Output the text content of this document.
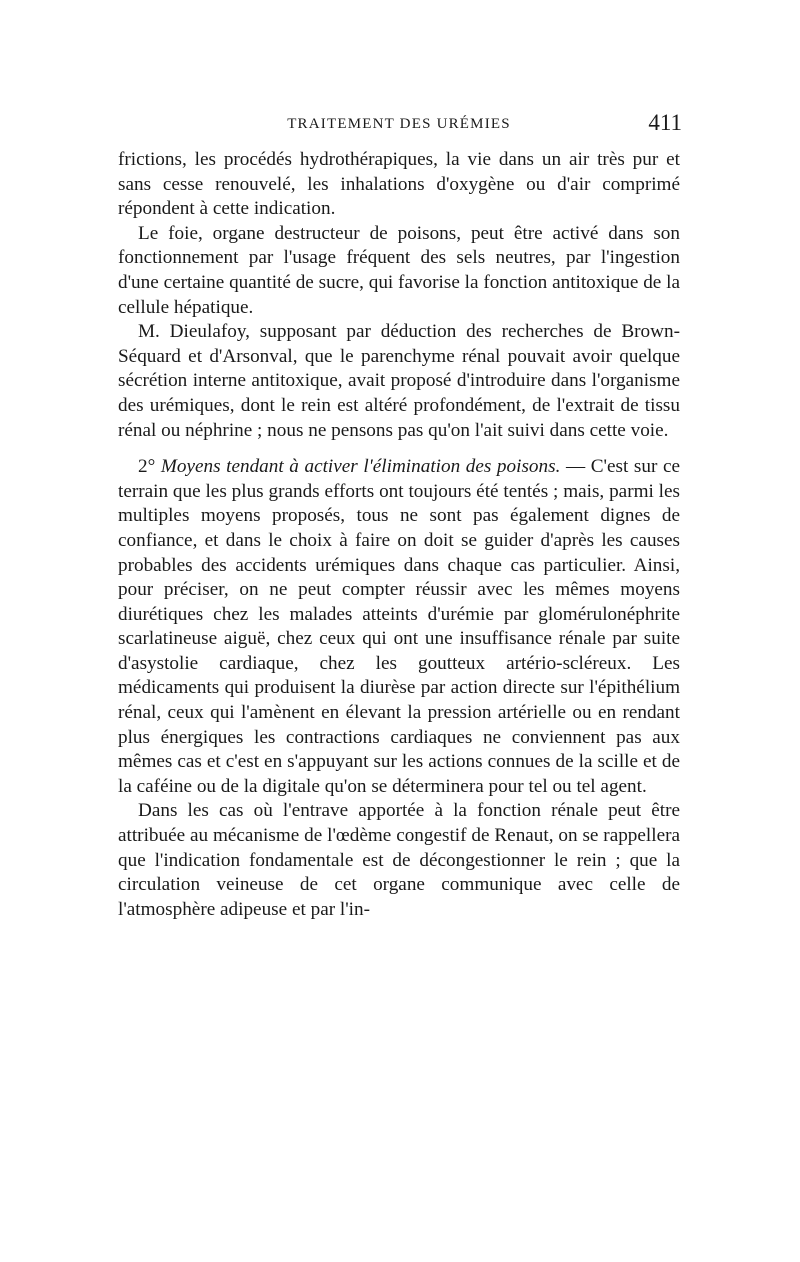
TRAITEMENT DES URÉMIES	411

frictions, les procédés hydrothérapiques, la vie dans un air très pur et sans cesse renouvelé, les inhalations d'oxygène ou d'air comprimé répondent à cette indication.

Le foie, organe destructeur de poisons, peut être activé dans son fonctionnement par l'usage fréquent des sels neutres, par l'ingestion d'une certaine quantité de sucre, qui favorise la fonction antitoxique de la cellule hépatique.

M. Dieulafoy, supposant par déduction des recherches de Brown-Séquard et d'Arsonval, que le parenchyme rénal pouvait avoir quelque sécrétion interne antitoxique, avait proposé d'introduire dans l'organisme des urémiques, dont le rein est altéré profondément, de l'extrait de tissu rénal ou néphrine ; nous ne pensons pas qu'on l'ait suivi dans cette voie.

2° Moyens tendant à activer l'élimination des poisons. — C'est sur ce terrain que les plus grands efforts ont toujours été tentés ; mais, parmi les multiples moyens proposés, tous ne sont pas également dignes de confiance, et dans le choix à faire on doit se guider d'après les causes probables des accidents urémiques dans chaque cas particulier. Ainsi, pour préciser, on ne peut compter réussir avec les mêmes moyens diurétiques chez les malades atteints d'urémie par glomérulonéphrite scarlatineuse aiguë, chez ceux qui ont une insuffisance rénale par suite d'asystolie cardiaque, chez les goutteux artério-scléreux. Les médicaments qui produisent la diurèse par action directe sur l'épithélium rénal, ceux qui l'amènent en élevant la pression artérielle ou en rendant plus énergiques les contractions cardiaques ne conviennent pas aux mêmes cas et c'est en s'appuyant sur les actions connues de la scille et de la caféine ou de la digitale qu'on se déterminera pour tel ou tel agent.

Dans les cas où l'entrave apportée à la fonction rénale peut être attribuée au mécanisme de l'œdème congestif de Renaut, on se rappellera que l'indication fondamentale est de décongestionner le rein ; que la circulation veineuse de cet organe communique avec celle de l'atmosphère adipeuse et par l'in-
